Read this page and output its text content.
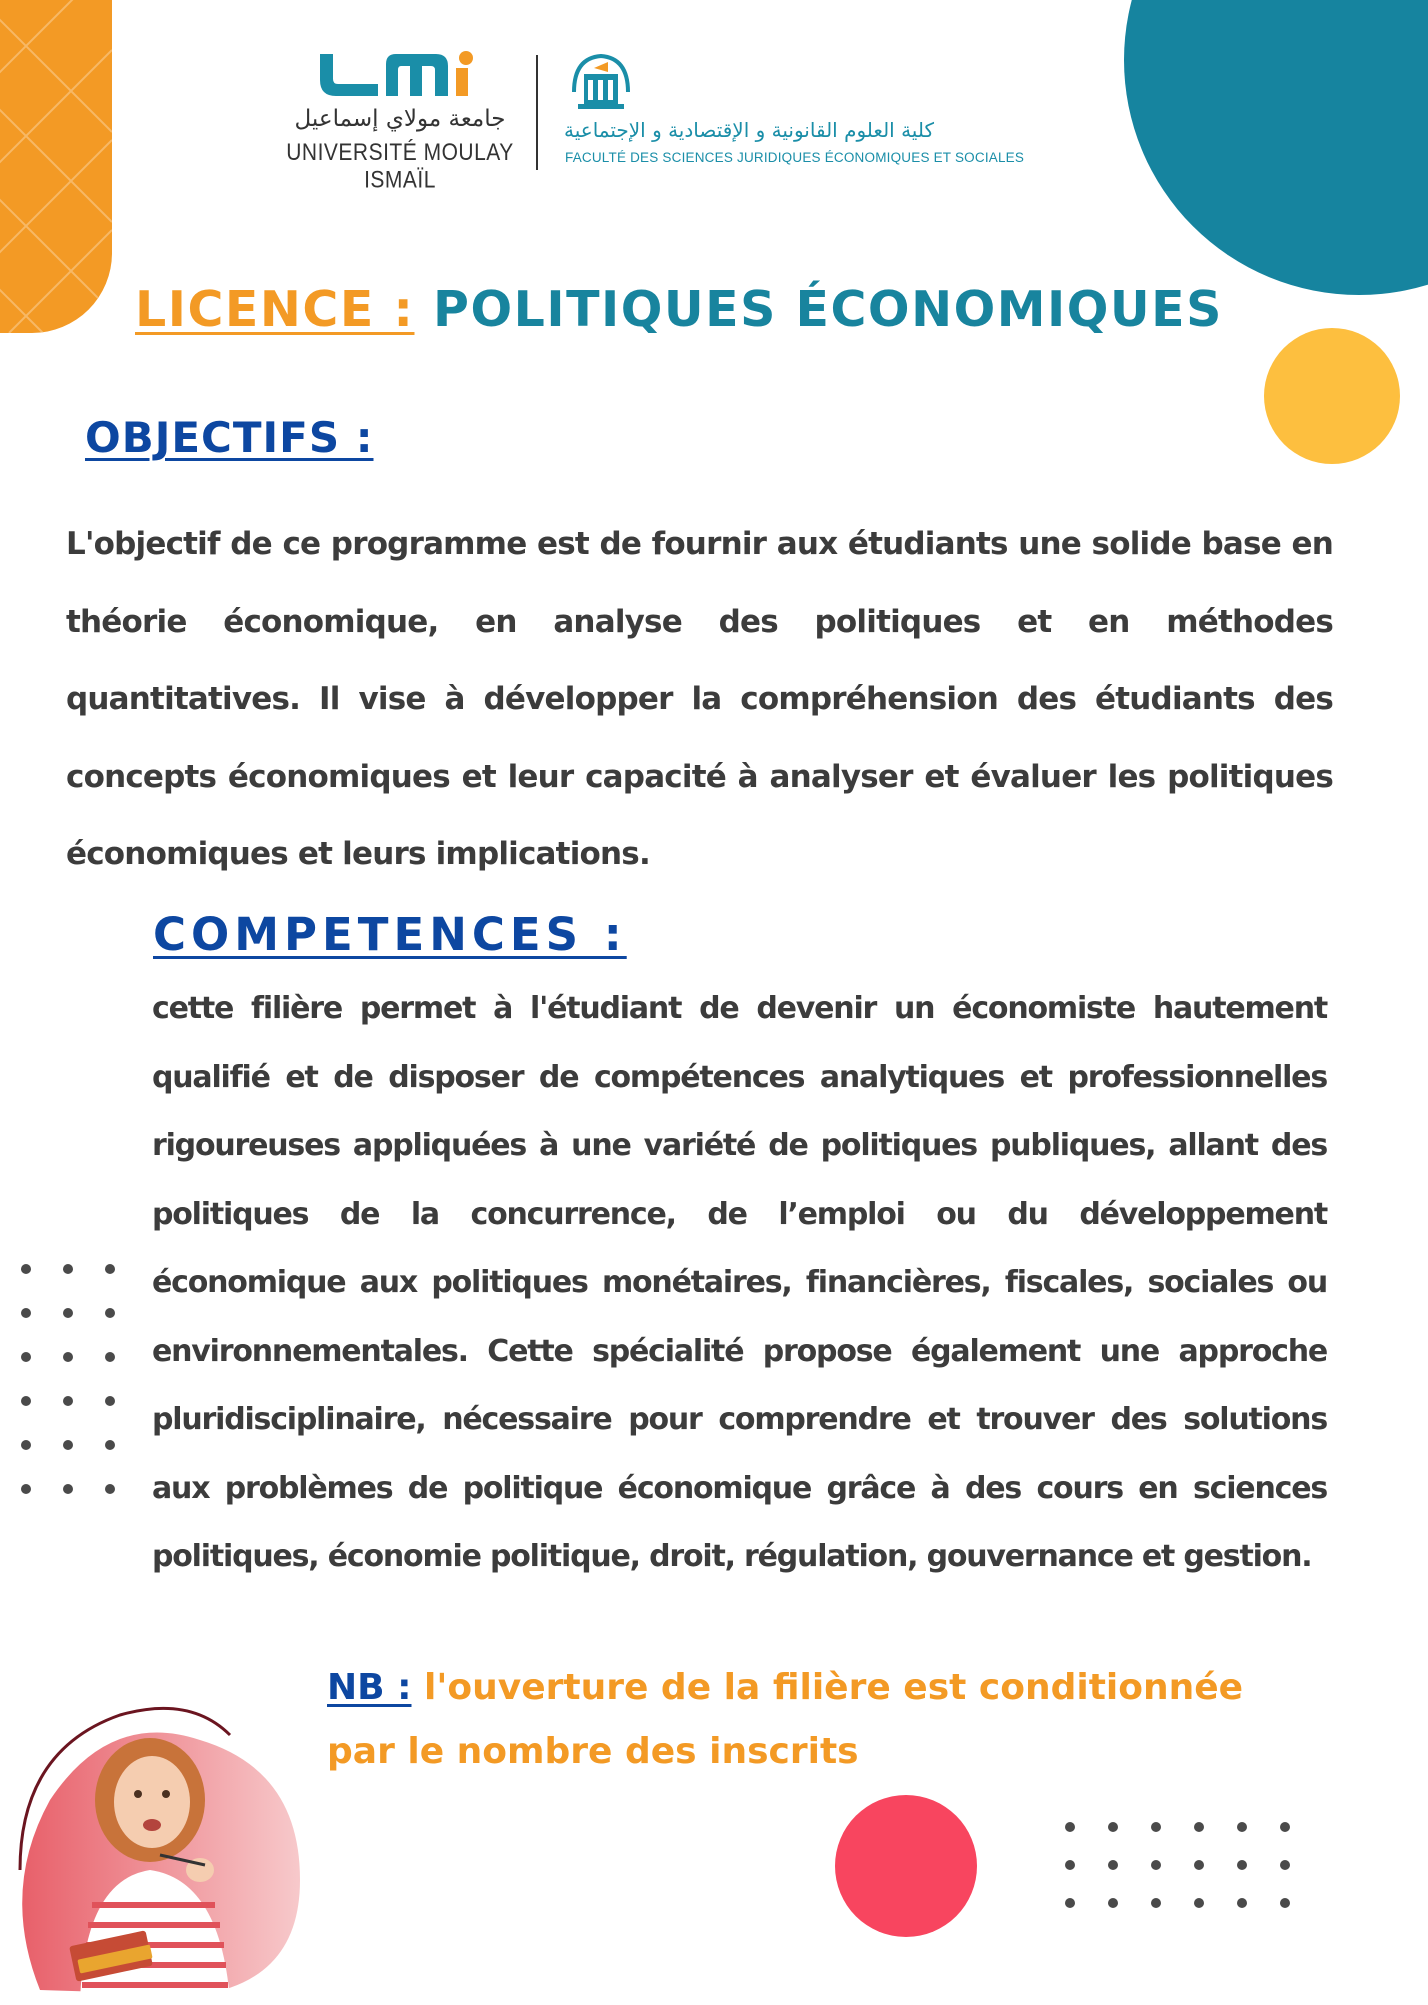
جامعة مولاي إسماعيل
UNIVERSITÉ MOULAY ISMAÏL
كلية العلوم القانونية و الإقتصادية و الإجتماعية
FACULTÉ DES SCIENCES JURIDIQUES ÉCONOMIQUES ET SOCIALES
LICENCE : POLITIQUES ÉCONOMIQUES
OBJECTIFS :
L'objectif de ce programme est de fournir aux étudiants une solide base en théorie économique, en analyse des politiques et en méthodes quantitatives. Il vise à développer la compréhension des étudiants des concepts économiques et leur capacité à analyser et évaluer les politiques économiques et leurs implications.
COMPETENCES :
cette filière permet à l'étudiant de devenir un économiste hautement qualifié et de disposer de compétences analytiques et professionnelles rigoureuses appliquées à une variété de politiques publiques, allant des politiques de la concurrence, de l’emploi ou du développement économique aux politiques monétaires, financières, fiscales, sociales ou environnementales. Cette spécialité propose également une approche pluridisciplinaire, nécessaire pour comprendre et trouver des solutions aux problèmes de politique économique grâce à des cours en sciences politiques, économie politique, droit, régulation, gouvernance et gestion.
NB : l'ouverture de la filière est conditionnée par le nombre des inscrits
